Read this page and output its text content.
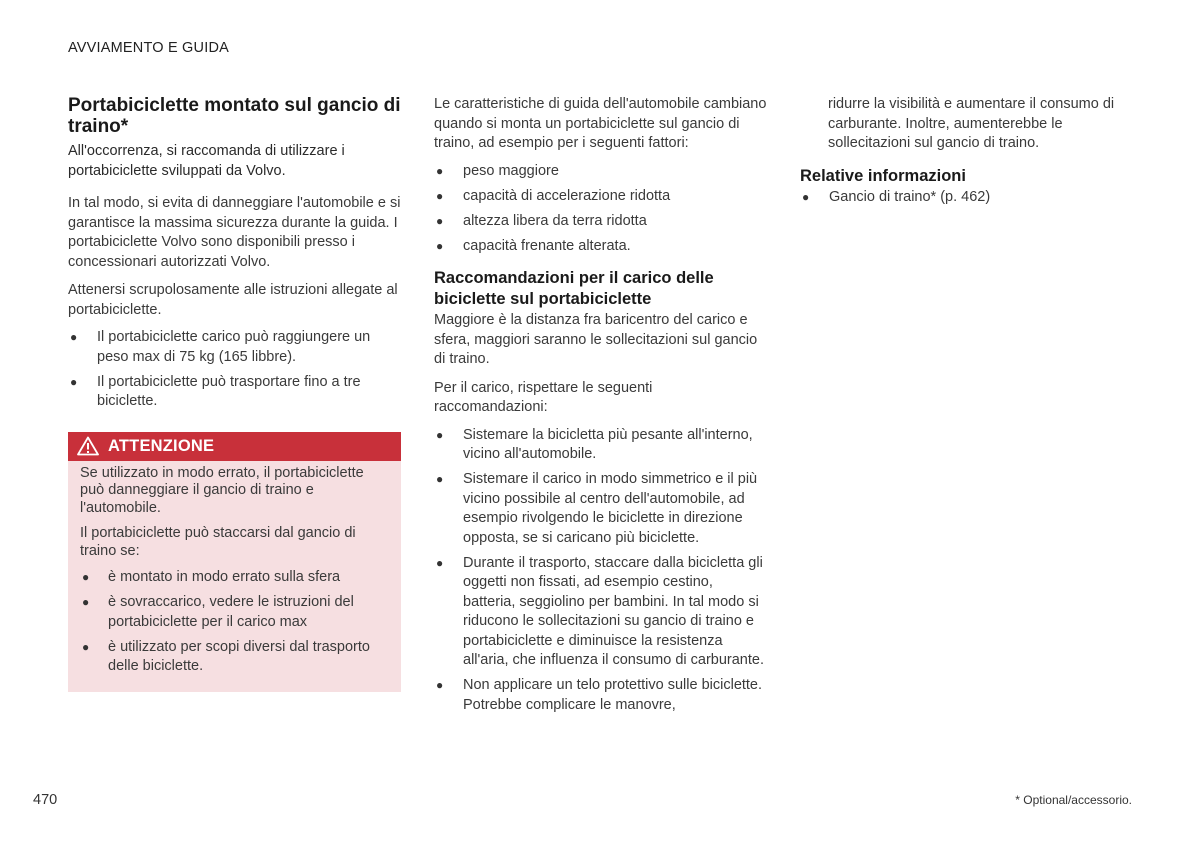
AVVIAMENTO E GUIDA
Portabiciclette montato sul gancio di traino*

All'occorrenza, si raccomanda di utilizzare i portabiciclette sviluppati da Volvo.

In tal modo, si evita di danneggiare l'automobile e si garantisce la massima sicurezza durante la guida. I portabiciclette Volvo sono disponibili presso i concessionari autorizzati Volvo.

Attenersi scrupolosamente alle istruzioni allegate al portabiciclette.

● Il portabiciclette carico può raggiungere un peso max di 75 kg (165 libbre).
● Il portabiciclette può trasportare fino a tre biciclette.
ATTENZIONE

Se utilizzato in modo errato, il portabiciclette può danneggiare il gancio di traino e l'automobile.

Il portabiciclette può staccarsi dal gancio di traino se:

● è montato in modo errato sulla sfera
● è sovraccarico, vedere le istruzioni del portabiciclette per il carico max
● è utilizzato per scopi diversi dal trasporto delle biciclette.

Le caratteristiche di guida dell'automobile cambiano quando si monta un portabiciclette sul gancio di traino, ad esempio per i seguenti fattori:

● peso maggiore
● capacità di accelerazione ridotta
● altezza libera da terra ridotta
● capacità frenante alterata.
Raccomandazioni per il carico delle biciclette sul portabiciclette

Maggiore è la distanza fra baricentro del carico e sfera, maggiori saranno le sollecitazioni sul gancio di traino.

Per il carico, rispettare le seguenti raccomandazioni:

● Sistemare la bicicletta più pesante all'interno, vicino all'automobile.
● Sistemare il carico in modo simmetrico e il più vicino possibile al centro dell'automobile, ad esempio rivolgendo le biciclette in direzione opposta, se si caricano più biciclette.
● Durante il trasporto, staccare dalla bicicletta gli oggetti non fissati, ad esempio cestino, batteria, seggiolino per bambini. In tal modo si riducono le sollecitazioni su gancio di traino e portabiciclette e diminuisce la resistenza all'aria, che influenza il consumo di carburante.
● Non applicare un telo protettivo sulle biciclette. Potrebbe complicare le manovre,

ridurre la visibilità e aumentare il consumo di carburante. Inoltre, aumenterebbe le sollecitazioni sul gancio di traino.

Relative informazioni
● Gancio di traino* (p. 462)
470	* Optional/accessorio.
